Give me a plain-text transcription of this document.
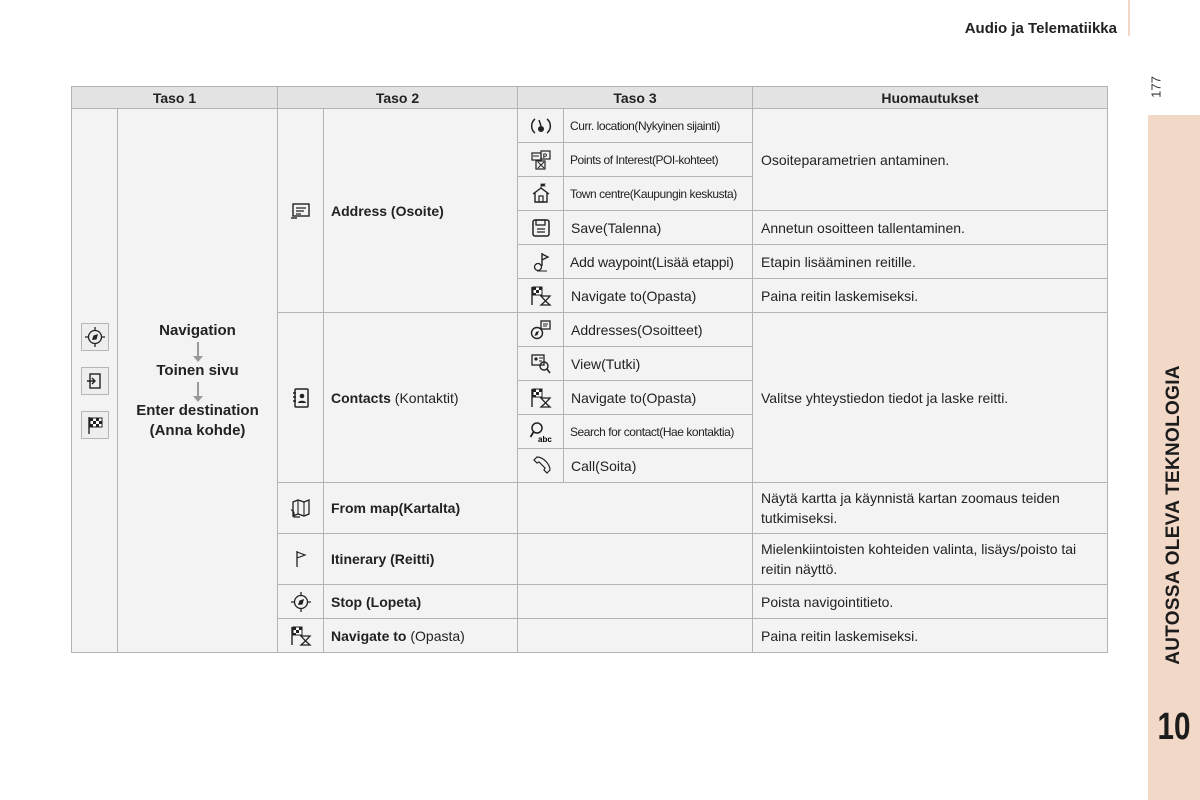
Audio ja Telematiikka
177
AUTOSSA OLEVA TEKNOLOGIA
10
Taso 1		Taso 2		Taso 3		Huomautukset

Navigation
Toinen sivu
Enter destination
(Anna kohde)		Address (Osoite)		Curr. location(Nykyinen sijainti)	Osoiteparametrien antaminen.

P	Points of Interest(POI-kohteet)	

	Town centre(Kaupungin keskusta)	

	Save(Talenna)	Annetun osoitteen tallentaminen.

	Add waypoint(Lisää etappi)	Etapin lisääminen reitille.

	Navigate to(Opasta)	Paina reitin laskemiseksi.

	Contacts (Kontaktit)		Addresses(Osoitteet)	Valitse yhteystiedon tiedot ja laske reitti.

	View(Tutki)	

	Navigate to(Opasta)	

abc	Search for contact(Hae kontaktia)	

	Call(Soita)	

	From map(Kartalta)			Näytä kartta ja käynnistä kartan zoomaus teiden tutkimiseksi.

	Itinerary (Reitti)			Mielenkiintoisten kohteiden valinta, lisäys/poisto tai reitin näyttö.

	Stop (Lopeta)			Poista navigointitieto.

	Navigate to (Opasta)			Paina reitin laskemiseksi.
